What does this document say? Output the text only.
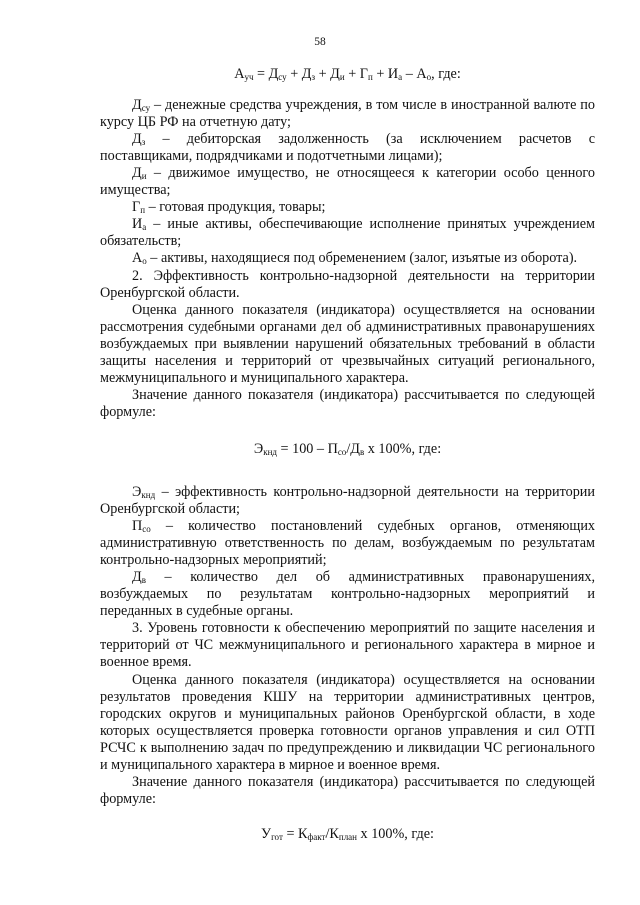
58

$А_{уч} = Д_{су} + Д_з + Д_и + Г_п + И_а - А_о$, где:

$Д_{су}$ – денежные средства учреждения, в том числе в иностранной валюте по курсу ЦБ РФ на отчетную дату;

$Д_з$ – дебиторская задолженность (за исключением расчетов с поставщиками, подрядчиками и подотчетными лицами);

$Д_и$ – движимое имущество, не относящееся к категории особо ценного имущества;

$Г_п$ – готовая продукция, товары;

$И_а$ – иные активы, обеспечивающие исполнение принятых учреждением обязательств;

$А_о$ – активы, находящиеся под обременением (залог, изъятые из оборота).

2. Эффективность контрольно-надзорной деятельности на территории Оренбургской области.

Оценка данного показателя (индикатора) осуществляется на основании рассмотрения судебными органами дел об административных правонарушениях возбуждаемых при выявлении нарушений обязательных требований в области защиты населения и территорий от чрезвычайных ситуаций регионального, межмуниципального и муниципального характера.

Значение данного показателя (индикатора) рассчитывается по следующей формуле:

$Э_{кнд} = 100 - П_{со}/Д_в$ х 100%, где:

$Э_{кнд}$ – эффективность контрольно-надзорной деятельности на территории Оренбургской области;

$П_{со}$ – количество постановлений судебных органов, отменяющих административную ответственность по делам, возбуждаемым по результатам контрольно-надзорных мероприятий;

$Д_в$ – количество дел об административных правонарушениях, возбуждаемых по результатам контрольно-надзорных мероприятий и переданных в судебные органы.

3. Уровень готовности к обеспечению мероприятий по защите населения и территорий от ЧС межмуниципального и регионального характера в мирное и военное время.

Оценка данного показателя (индикатора) осуществляется на основании результатов проведения КШУ на территории административных центров, городских округов и муниципальных районов Оренбургской области, в ходе которых осуществляется проверка готовности органов управления и сил ОТП РСЧС к выполнению задач по предупреждению и ликвидации ЧС регионального и муниципального характера в мирное и военное время.

Значение данного показателя (индикатора) рассчитывается по следующей формуле:

$У_{гот} = К_{факт}/К_{план}$ х 100%, где:
